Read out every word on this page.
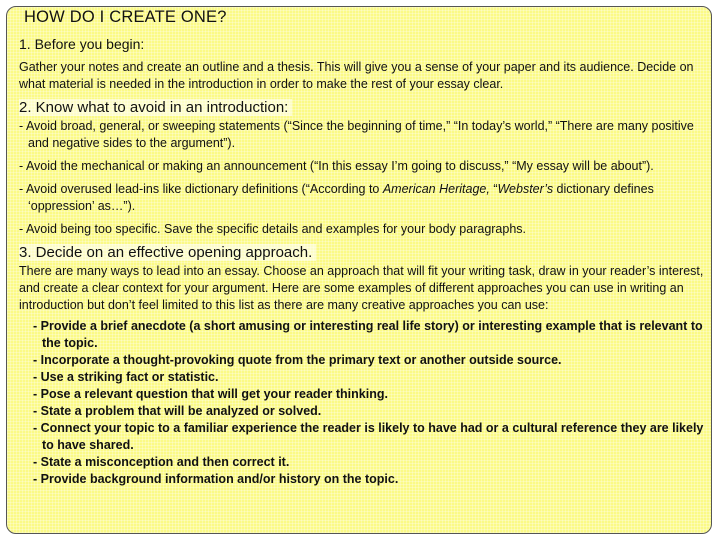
HOW DO I CREATE ONE?
1. Before you begin:
Gather your notes and create an outline and a thesis. This will give you a sense of your paper and its audience. Decide on what material is needed in the introduction in order to make the rest of your essay clear.
2. Know what to avoid in an introduction:
- Avoid broad, general, or sweeping statements (“Since the beginning of time,” “In today’s world,” “There are many positive and negative sides to the argument”).
- Avoid the mechanical or making an announcement (“In this essay I’m going to discuss,” “My essay will be about”).
- Avoid overused lead-ins like dictionary definitions (“According to American Heritage, “Webster’s dictionary defines ‘oppression’ as…”).
- Avoid being too specific. Save the specific details and examples for your body paragraphs.
3. Decide on an effective opening approach.
There are many ways to lead into an essay. Choose an approach that will fit your writing task, draw in your reader’s interest, and create a clear context for your argument. Here are some examples of different approaches you can use in writing an introduction but don’t feel limited to this list as there are many creative approaches you can use:
- Provide a brief anecdote (a short amusing or interesting real life story) or interesting example that is relevant to the topic.
- Incorporate a thought-provoking quote from the primary text or another outside source.
- Use a striking fact or statistic.
- Pose a relevant question that will get your reader thinking.
- State a problem that will be analyzed or solved.
- Connect your topic to a familiar experience the reader is likely to have had or a cultural reference they are likely to have shared.
- State a misconception and then correct it.
- Provide background information and/or history on the topic.
